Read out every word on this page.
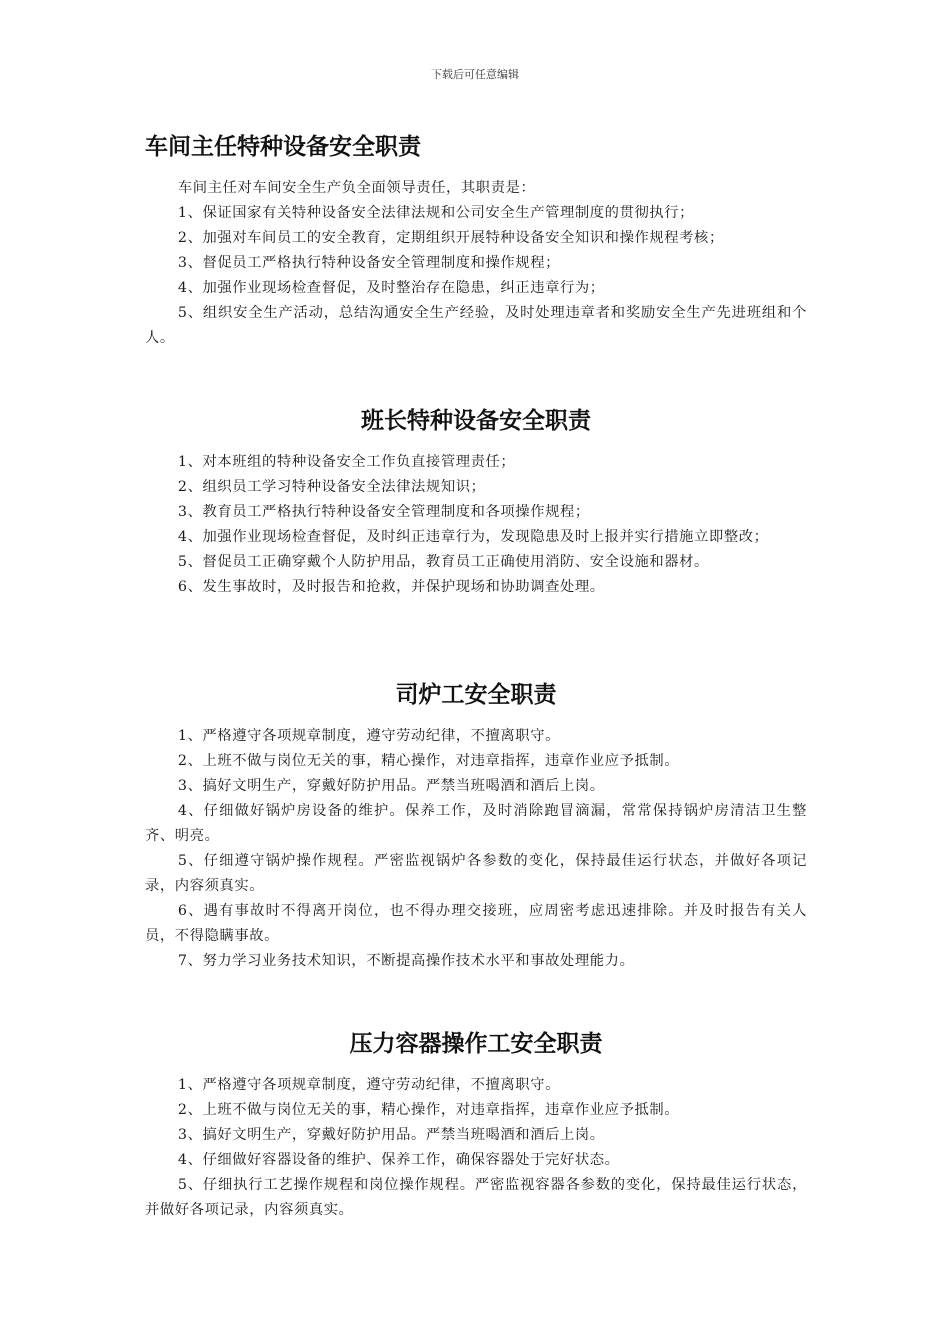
下载后可任意编辑
车间主任特种设备安全职责

车间主任对车间安全生产负全面领导责任，其职责是：

1、保证国家有关特种设备安全法律法规和公司安全生产管理制度的贯彻执行；

2、加强对车间员工的安全教育，定期组织开展特种设备安全知识和操作规程考核；

3、督促员工严格执行特种设备安全管理制度和操作规程；

4、加强作业现场检查督促，及时整治存在隐患，纠正违章行为；

5、组织安全生产活动，总结沟通安全生产经验，及时处理违章者和奖励安全生产先进班组和个人。

班长特种设备安全职责

1、对本班组的特种设备安全工作负直接管理责任；

2、组织员工学习特种设备安全法律法规知识；

3、教育员工严格执行特种设备安全管理制度和各项操作规程；

4、加强作业现场检查督促，及时纠正违章行为，发现隐患及时上报并实行措施立即整改；

5、督促员工正确穿戴个人防护用品，教育员工正确使用消防、安全设施和器材。

6、发生事故时，及时报告和抢救，并保护现场和协助调查处理。

司炉工安全职责

1、严格遵守各项规章制度，遵守劳动纪律，不擅离职守。

2、上班不做与岗位无关的事，精心操作，对违章指挥，违章作业应予抵制。

3、搞好文明生产，穿戴好防护用品。严禁当班喝酒和酒后上岗。

4、仔细做好锅炉房设备的维护。保养工作，及时消除跑冒滴漏，常常保持锅炉房清洁卫生整齐、明亮。

5、仔细遵守锅炉操作规程。严密监视锅炉各参数的变化，保持最佳运行状态，并做好各项记录，内容须真实。

6、遇有事故时不得离开岗位，也不得办理交接班，应周密考虑迅速排除。并及时报告有关人员，不得隐瞒事故。

7、努力学习业务技术知识，不断提高操作技术水平和事故处理能力。

压力容器操作工安全职责

1、严格遵守各项规章制度，遵守劳动纪律，不擅离职守。

2、上班不做与岗位无关的事，精心操作，对违章指挥，违章作业应予抵制。

3、搞好文明生产，穿戴好防护用品。严禁当班喝酒和酒后上岗。

4、仔细做好容器设备的维护、保养工作，确保容器处于完好状态。

5、仔细执行工艺操作规程和岗位操作规程。严密监视容器各参数的变化，保持最佳运行状态，并做好各项记录，内容须真实。
